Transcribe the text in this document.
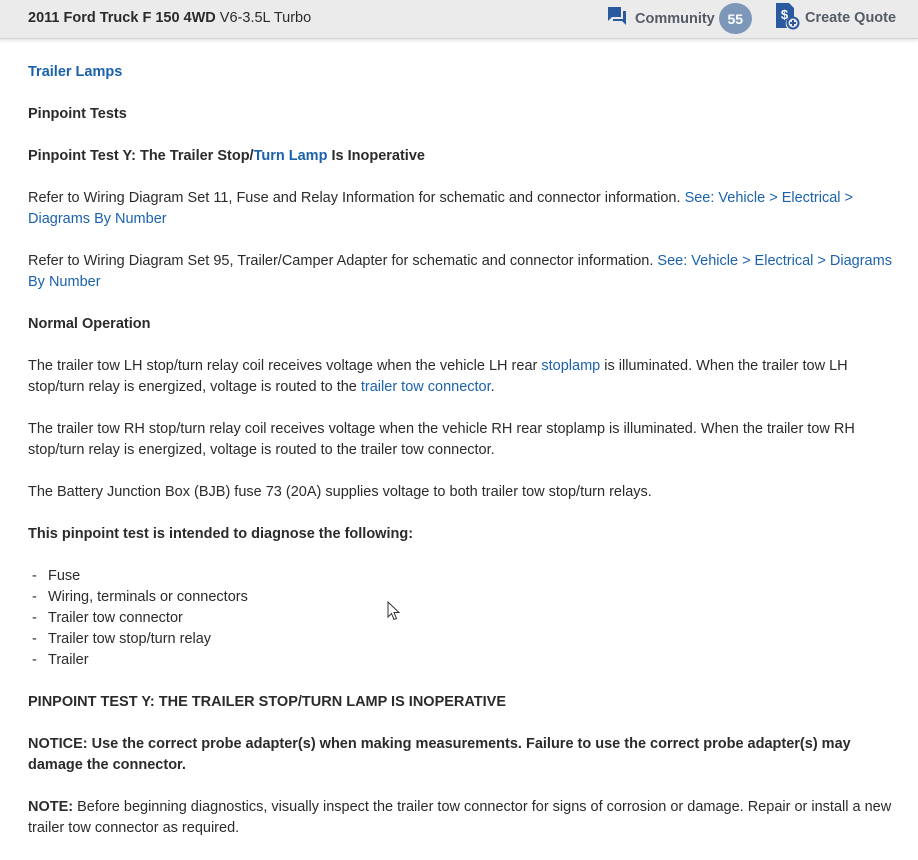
2011 Ford Truck F 150 4WD V6-3.5L Turbo	Community 55	$ Create Quote

Trailer Lamps

Pinpoint Tests

Pinpoint Test Y: The Trailer Stop/Turn Lamp Is Inoperative

Refer to Wiring Diagram Set 11, Fuse and Relay Information for schematic and connector information. See: Vehicle > Electrical > Diagrams By Number

Refer to Wiring Diagram Set 95, Trailer/Camper Adapter for schematic and connector information. See: Vehicle > Electrical > Diagrams By Number

Normal Operation

The trailer tow LH stop/turn relay coil receives voltage when the vehicle LH rear stoplamp is illuminated. When the trailer tow LH stop/turn relay is energized, voltage is routed to the trailer tow connector.

The trailer tow RH stop/turn relay coil receives voltage when the vehicle RH rear stoplamp is illuminated. When the trailer tow RH stop/turn relay is energized, voltage is routed to the trailer tow connector.

The Battery Junction Box (BJB) fuse 73 (20A) supplies voltage to both trailer tow stop/turn relays.

This pinpoint test is intended to diagnose the following:

- Fuse
- Wiring, terminals or connectors
- Trailer tow connector
- Trailer tow stop/turn relay
- Trailer

PINPOINT TEST Y: THE TRAILER STOP/TURN LAMP IS INOPERATIVE

NOTICE: Use the correct probe adapter(s) when making measurements. Failure to use the correct probe adapter(s) may damage the connector.

NOTE: Before beginning diagnostics, visually inspect the trailer tow connector for signs of corrosion or damage. Repair or install a new trailer tow connector as required.
